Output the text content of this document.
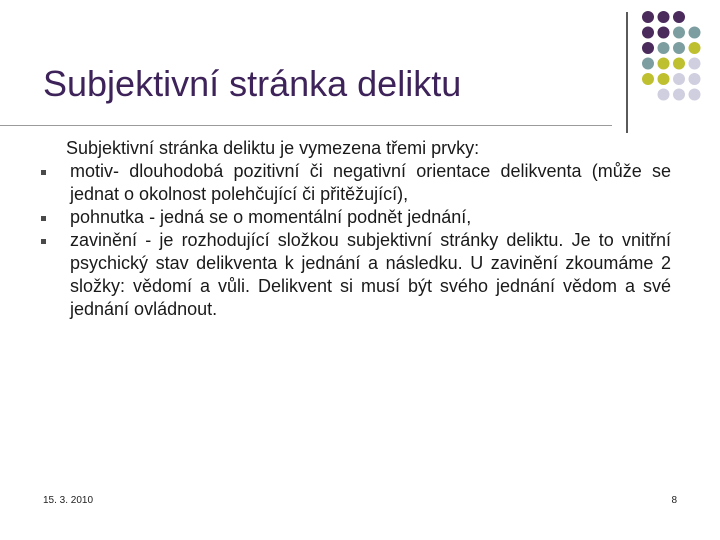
Subjektivní stránka deliktu

Subjektivní stránka deliktu je vymezena třemi prvky:

motiv- dlouhodobá pozitivní či negativní orientace delikventa (může se jednat o okolnost polehčující či přitěžující),
pohnutka - jedná se o momentální podnět jednání,
zavinění - je rozhodující složkou subjektivní stránky deliktu. Je to vnitřní psychický stav delikventa k jednání a následku. U zavinění zkoumáme 2 složky: vědomí a vůli. Delikvent si musí být svého jednání vědom a své jednání ovládnout.
15. 3. 2010	8
